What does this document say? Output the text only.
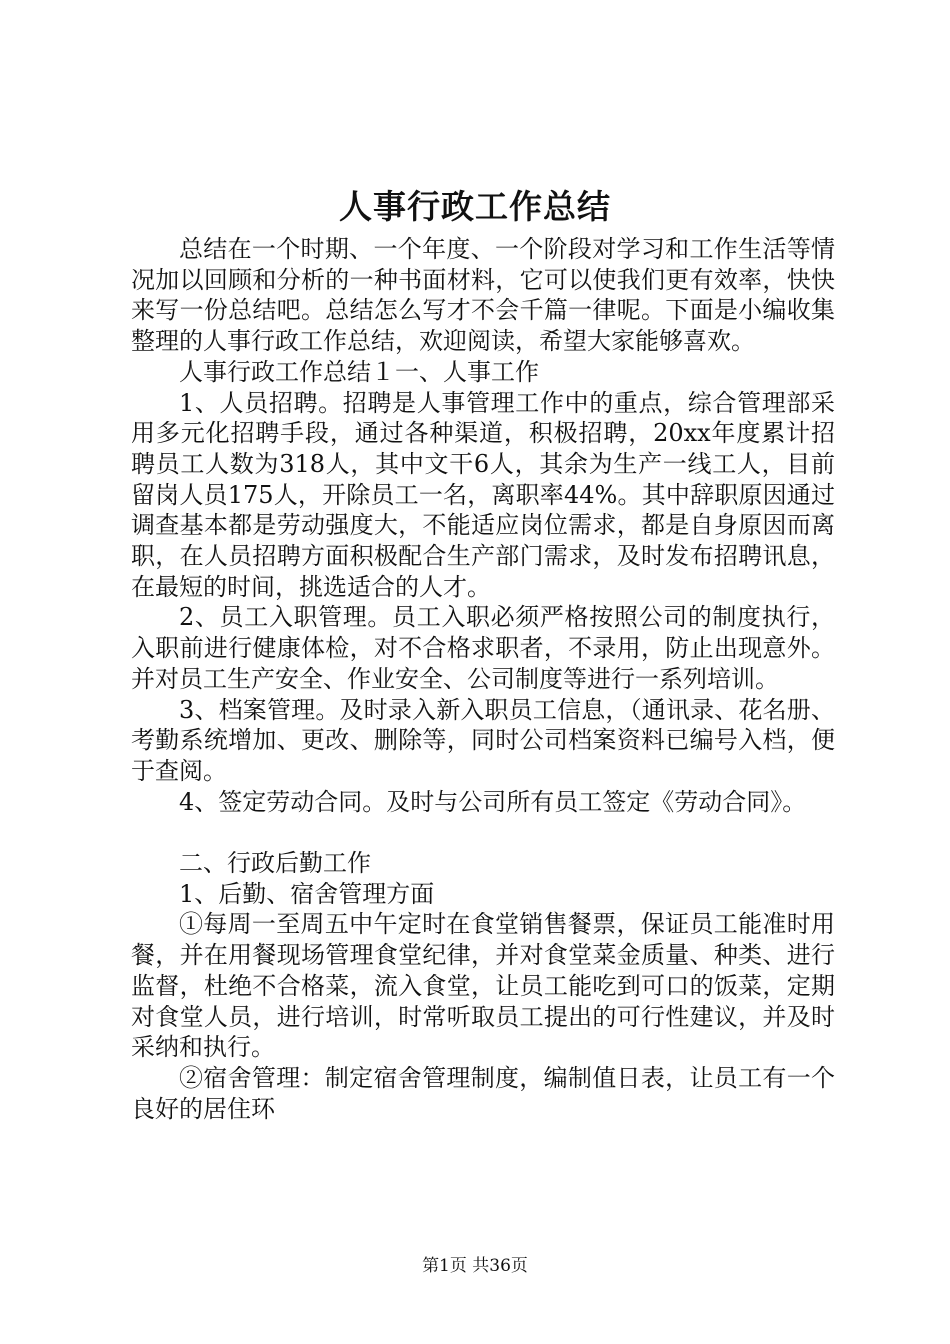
人事行政工作总结

总结在一个时期、一个年度、一个阶段对学习和工作生活等情况加以回顾和分析的一种书面材料，它可以使我们更有效率，快快来写一份总结吧。总结怎么写才不会千篇一律呢。下面是小编收集整理的人事行政工作总结，欢迎阅读，希望大家能够喜欢。

人事行政工作总结１一、人事工作

1、人员招聘。招聘是人事管理工作中的重点，综合管理部采用多元化招聘手段，通过各种渠道，积极招聘，20xx年度累计招聘员工人数为318人，其中文干6人，其余为生产一线工人，目前留岗人员175人，开除员工一名，离职率44%。其中辞职原因通过调查基本都是劳动强度大，不能适应岗位需求，都是自身原因而离职，在人员招聘方面积极配合生产部门需求，及时发布招聘讯息，在最短的时间，挑选适合的人才。

2、员工入职管理。员工入职必须严格按照公司的制度执行，入职前进行健康体检，对不合格求职者，不录用，防止出现意外。并对员工生产安全、作业安全、公司制度等进行一系列培训。

3、档案管理。及时录入新入职员工信息，（通讯录、花名册、考勤系统增加、更改、删除等，同时公司档案资料已编号入档，便于查阅。

4、签定劳动合同。及时与公司所有员工签定《劳动合同》。

二、行政后勤工作

1、后勤、宿舍管理方面

①每周一至周五中午定时在食堂销售餐票，保证员工能准时用餐，并在用餐现场管理食堂纪律，并对食堂菜金质量、种类、进行监督，杜绝不合格菜，流入食堂，让员工能吃到可口的饭菜，定期对食堂人员，进行培训，时常听取员工提出的可行性建议，并及时采纳和执行。

②宿舍管理：制定宿舍管理制度，编制值日表，让员工有一个良好的居住环

第1页 共36页
